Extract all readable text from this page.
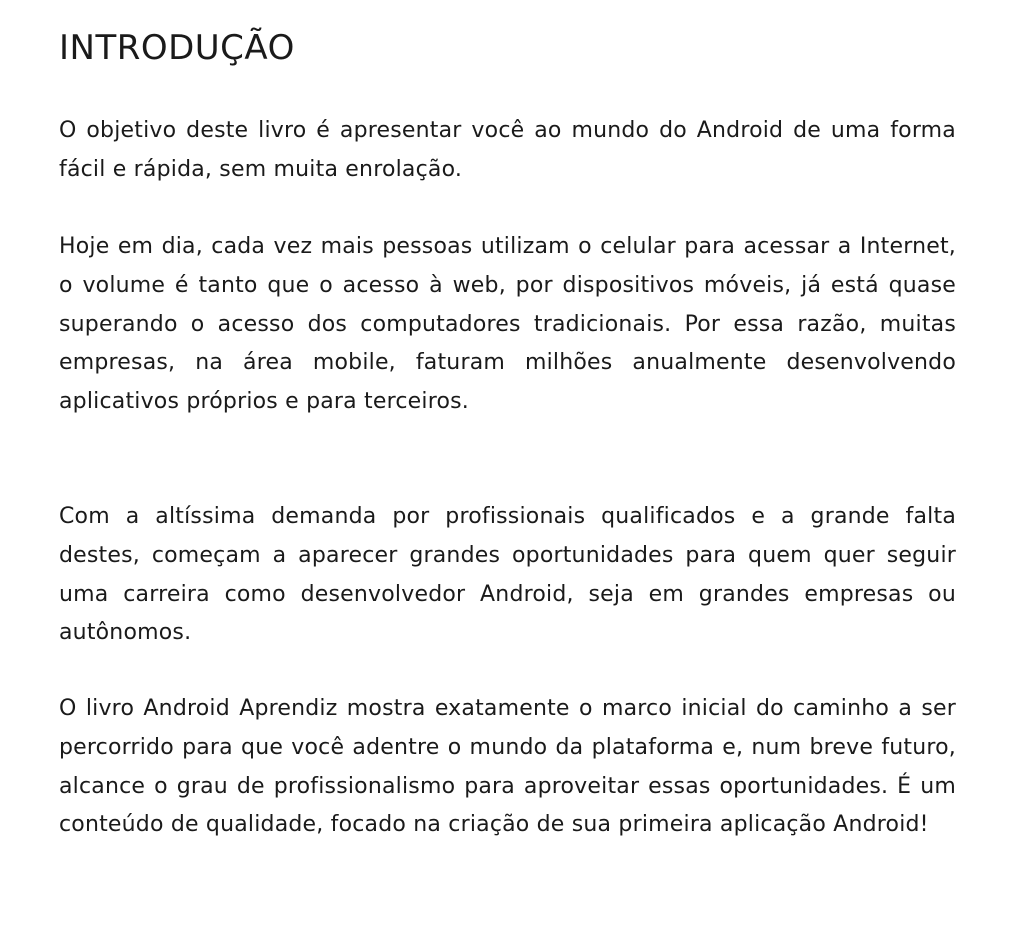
INTRODUÇÃO

O objetivo deste livro é apresentar você ao mundo do Android de uma forma fácil e rápida, sem muita enrolação.

Hoje em dia, cada vez mais pessoas utilizam o celular para acessar a Internet, o volume é tanto que o acesso à web, por dispositivos móveis, já está quase superando o acesso dos computadores tradicionais. Por essa razão, muitas empresas, na área mobile, faturam milhões anualmente desenvolvendo aplicativos próprios e para terceiros.

Com a altíssima demanda por profissionais qualificados e a grande falta destes, começam a aparecer grandes oportunidades para quem quer seguir uma carreira como desenvolvedor Android, seja em grandes empresas ou autônomos.

O livro Android Aprendiz mostra exatamente o marco inicial do caminho a ser percorrido para que você adentre o mundo da plataforma e, num breve futuro, alcance o grau de profissionalismo para aproveitar essas oportunidades. É um conteúdo de qualidade, focado na criação de sua primeira aplicação Android!
